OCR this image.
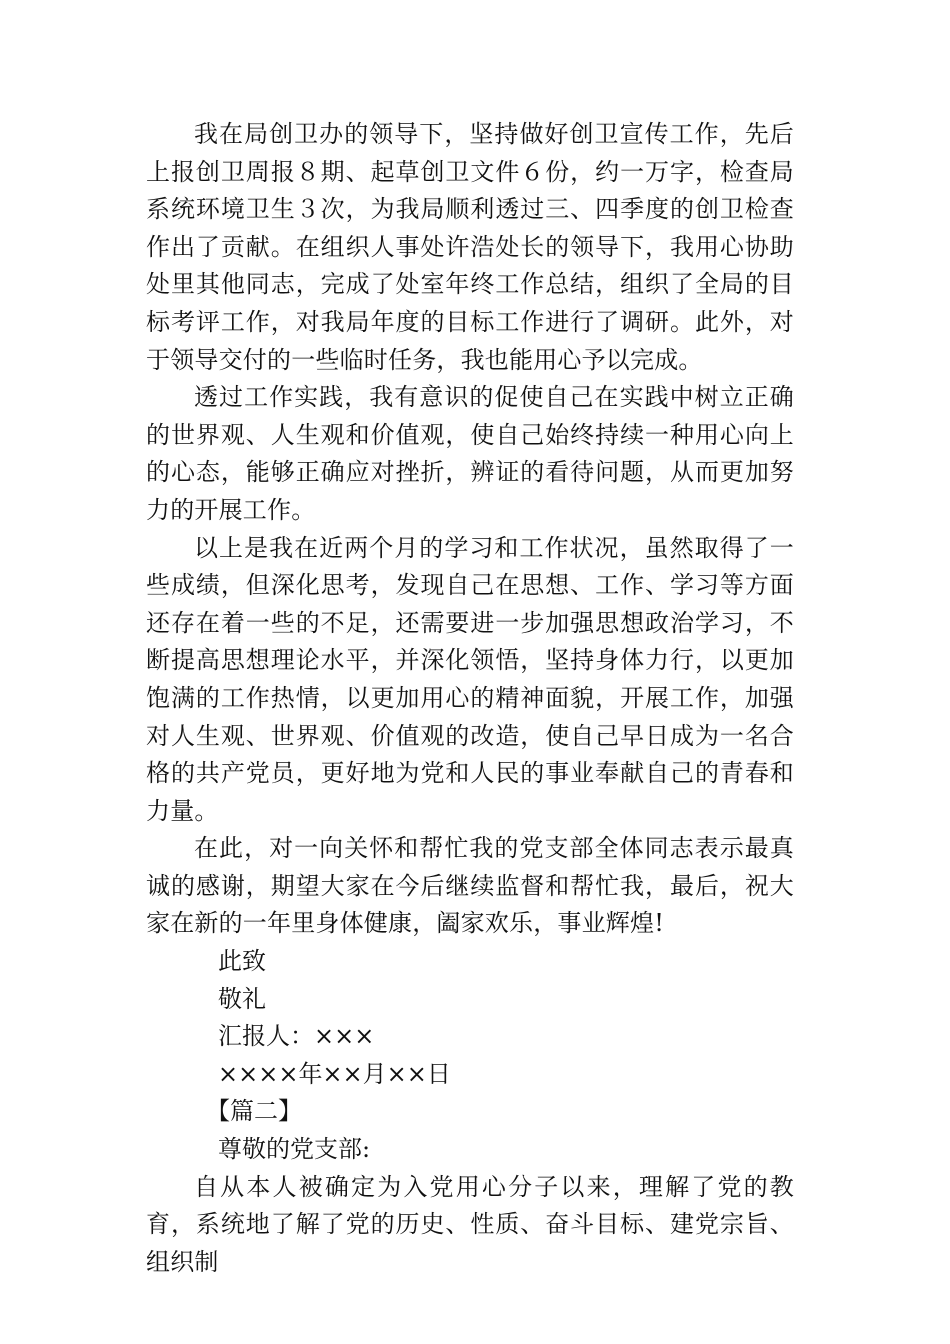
我在局创卫办的领导下，坚持做好创卫宣传工作，先后上报创卫周报８期、起草创卫文件６份，约一万字，检查局系统环境卫生３次，为我局顺利透过三、四季度的创卫检查作出了贡献。在组织人事处许浩处长的领导下，我用心协助处里其他同志，完成了处室年终工作总结，组织了全局的目标考评工作，对我局年度的目标工作进行了调研。此外，对于领导交付的一些临时任务，我也能用心予以完成。

透过工作实践，我有意识的促使自己在实践中树立正确的世界观、人生观和价值观，使自己始终持续一种用心向上的心态，能够正确应对挫折，辨证的看待问题，从而更加努力的开展工作。

以上是我在近两个月的学习和工作状况，虽然取得了一些成绩，但深化思考，发现自己在思想、工作、学习等方面还存在着一些的不足，还需要进一步加强思想政治学习，不断提高思想理论水平，并深化领悟，坚持身体力行，以更加饱满的工作热情，以更加用心的精神面貌，开展工作，加强对人生观、世界观、价值观的改造，使自己早日成为一名合格的共产党员，更好地为党和人民的事业奉献自己的青春和力量。

在此，对一向关怀和帮忙我的党支部全体同志表示最真诚的感谢，期望大家在今后继续监督和帮忙我，最后，祝大家在新的一年里身体健康，阖家欢乐，事业辉煌!

此致

敬礼

汇报人：×××

××××年××月××日

【篇二】

尊敬的党支部:

自从本人被确定为入党用心分子以来，理解了党的教育，系统地了解了党的历史、性质、奋斗目标、建党宗旨、组织制
